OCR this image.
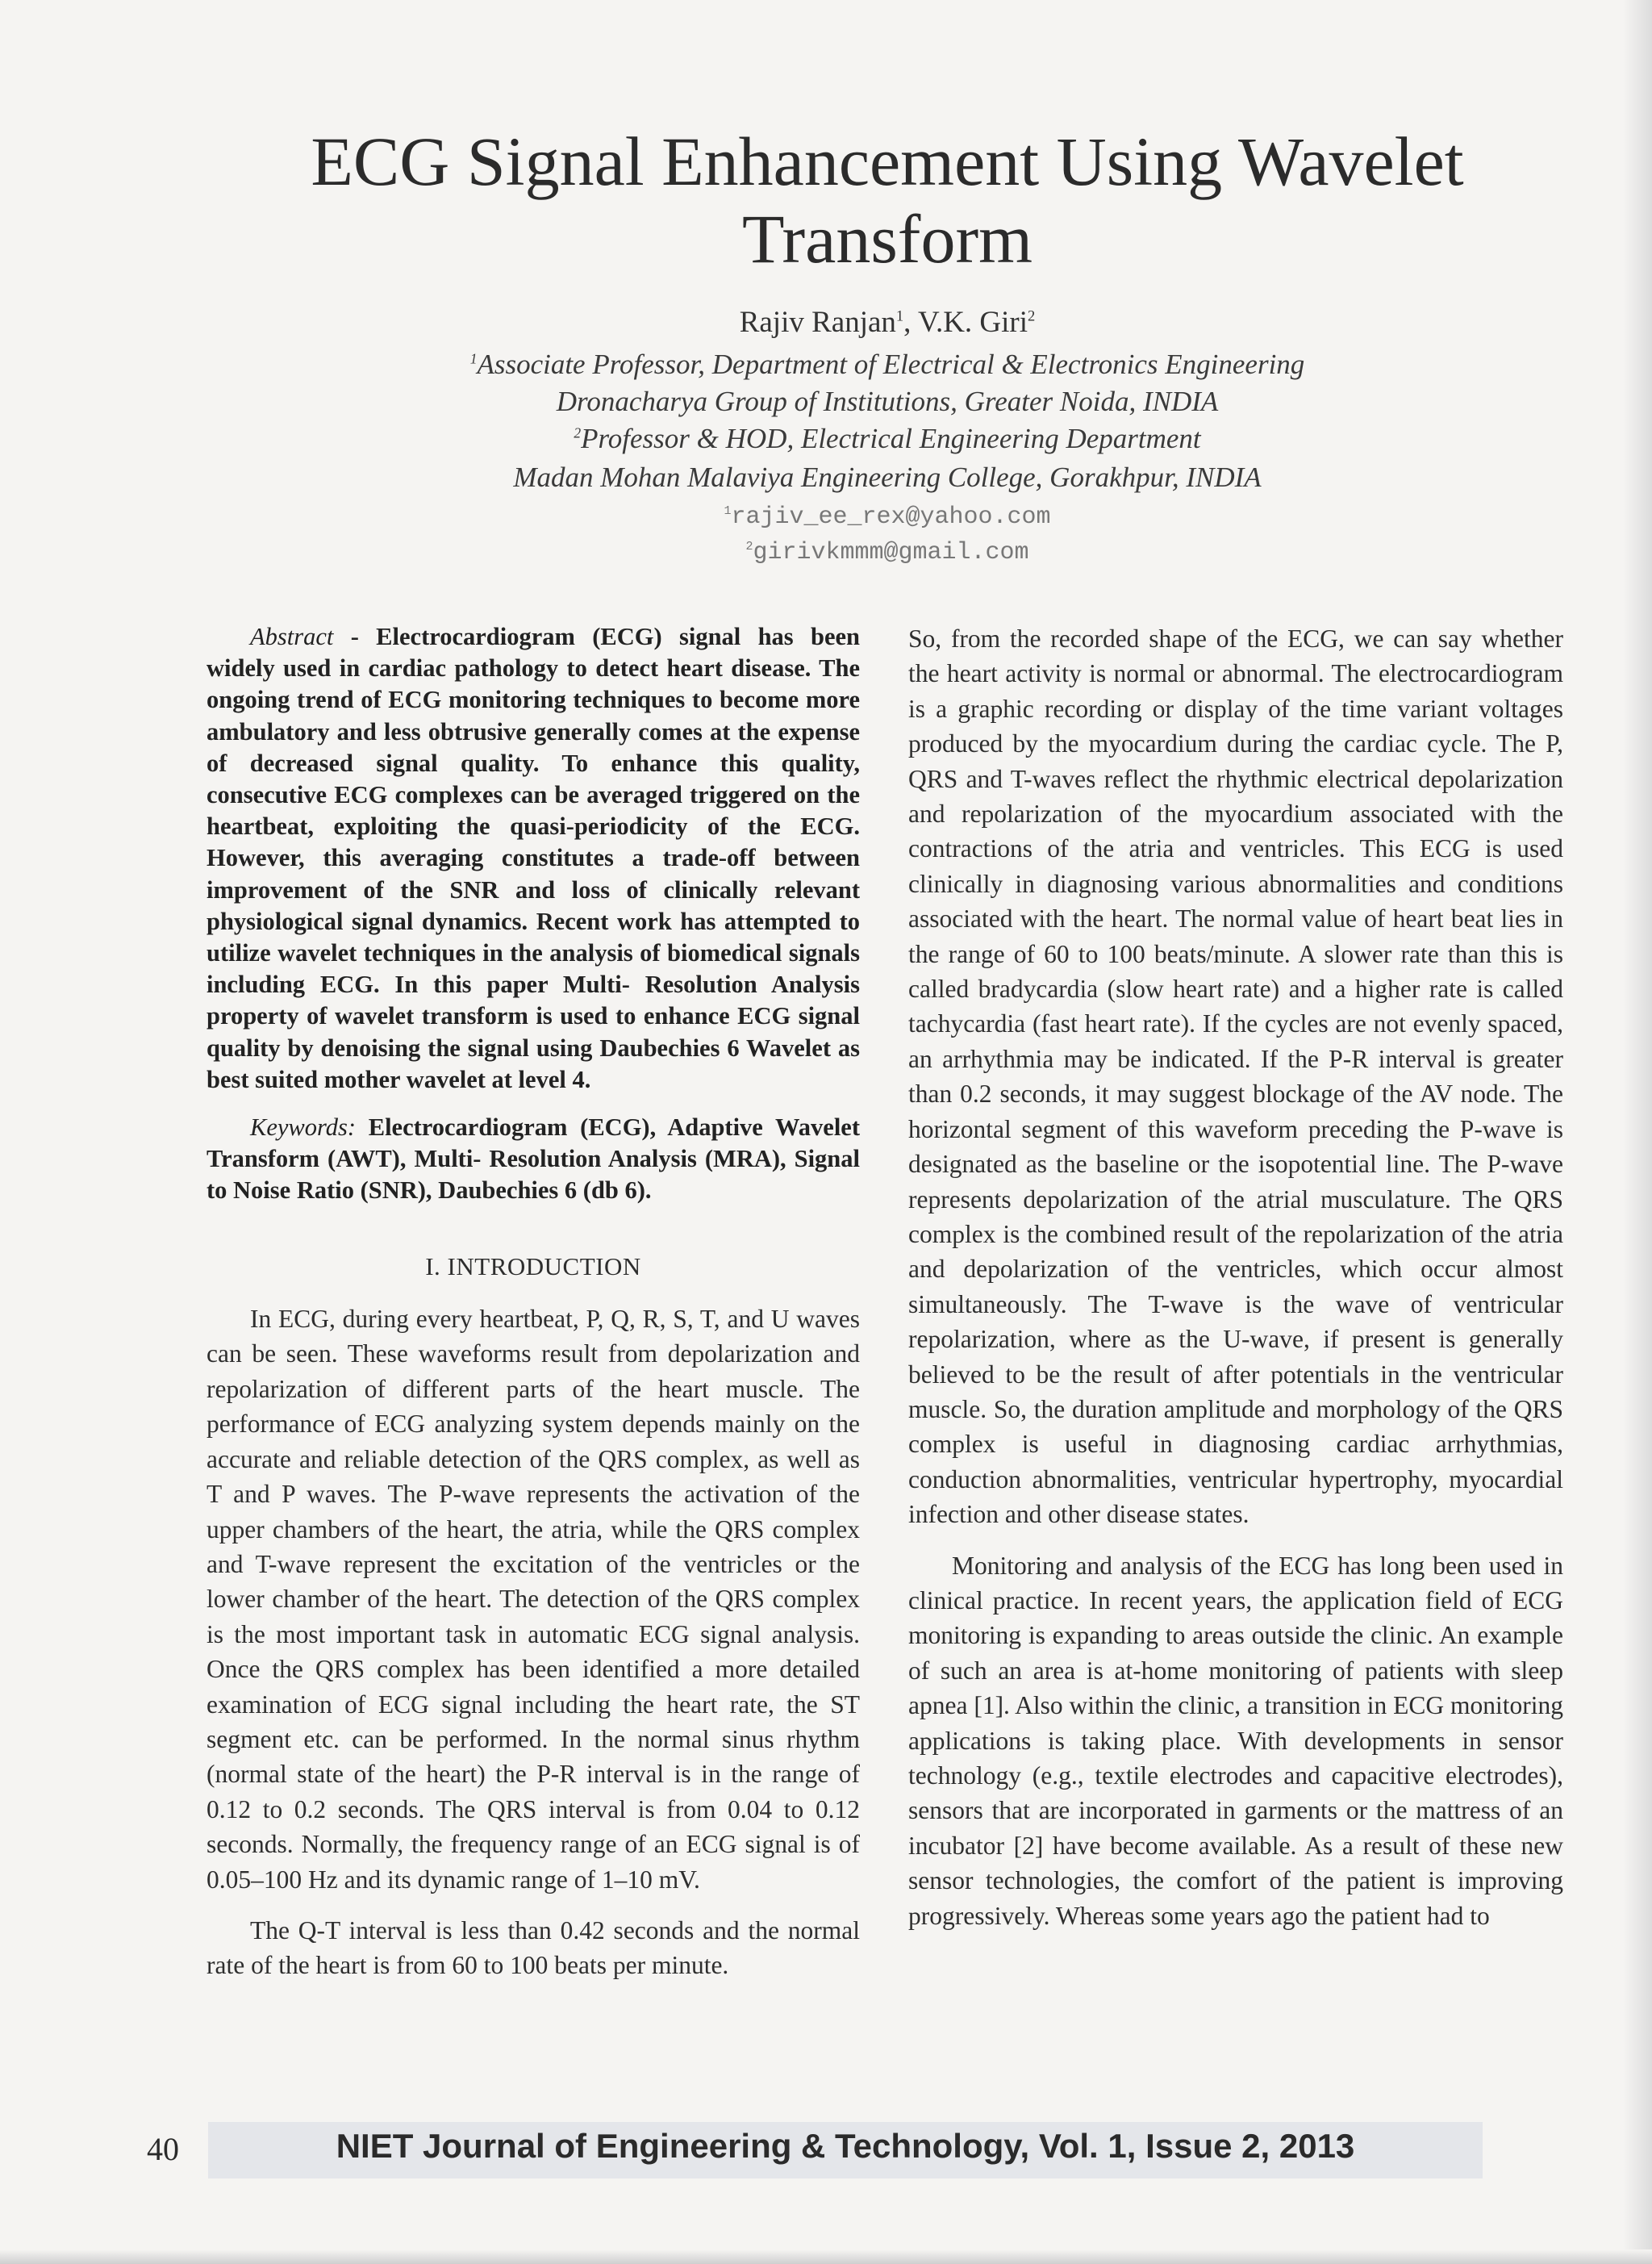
ECG Signal Enhancement Using Wavelet
Transform
Rajiv Ranjan$^1$, V.K. Giri$^2$
$^1$Associate Professor, Department of Electrical & Electronics Engineering
Dronacharya Group of Institutions, Greater Noida, INDIA
$^2$Professor & HOD, Electrical Engineering Department
Madan Mohan Malaviya Engineering College, Gorakhpur, INDIA
$^1$rajiv_ee_rex@yahoo.com
$^2$girivkmmm@gmail.com

Abstract - Electrocardiogram (ECG) signal has been widely used in cardiac pathology to detect heart disease. The ongoing trend of ECG monitoring techniques to become more ambulatory and less obtrusive generally comes at the expense of decreased signal quality. To enhance this quality, consecutive ECG complexes can be averaged triggered on the heartbeat, exploiting the quasi-periodicity of the ECG. However, this averaging constitutes a trade-off between improvement of the SNR and loss of clinically relevant physiological signal dynamics. Recent work has attempted to utilize wavelet techniques in the analysis of biomedical signals including ECG. In this paper Multi- Resolution Analysis property of wavelet transform is used to enhance ECG signal quality by denoising the signal using Daubechies 6 Wavelet as best suited mother wavelet at level 4.

Keywords: Electrocardiogram (ECG), Adaptive Wavelet Transform (AWT), Multi- Resolution Analysis (MRA), Signal to Noise Ratio (SNR), Daubechies 6 (db 6).

I. INTRODUCTION

In ECG, during every heartbeat, P, Q, R, S, T, and U waves can be seen. These waveforms result from depolarization and repolarization of different parts of the heart muscle. The performance of ECG analyzing system depends mainly on the accurate and reliable detection of the QRS complex, as well as T and P waves. The P-wave represents the activation of the upper chambers of the heart, the atria, while the QRS complex and T-wave represent the excitation of the ventricles or the lower chamber of the heart. The detection of the QRS complex is the most important task in automatic ECG signal analysis. Once the QRS complex has been identified a more detailed examination of ECG signal including the heart rate, the ST segment etc. can be performed. In the normal sinus rhythm (normal state of the heart) the P-R interval is in the range of 0.12 to 0.2 seconds. The QRS interval is from 0.04 to 0.12 seconds. Normally, the frequency range of an ECG signal is of 0.05–100 Hz and its dynamic range of 1–10 mV.

The Q-T interval is less than 0.42 seconds and the normal rate of the heart is from 60 to 100 beats per minute.

So, from the recorded shape of the ECG, we can say whether the heart activity is normal or abnormal. The electrocardiogram is a graphic recording or display of the time variant voltages produced by the myocardium during the cardiac cycle. The P, QRS and T-waves reflect the rhythmic electrical depolarization and repolarization of the myocardium associated with the contractions of the atria and ventricles. This ECG is used clinically in diagnosing various abnormalities and conditions associated with the heart. The normal value of heart beat lies in the range of 60 to 100 beats/minute. A slower rate than this is called bradycardia (slow heart rate) and a higher rate is called tachycardia (fast heart rate). If the cycles are not evenly spaced, an arrhythmia may be indicated. If the P-R interval is greater than 0.2 seconds, it may suggest blockage of the AV node. The horizontal segment of this waveform preceding the P-wave is designated as the baseline or the isopotential line. The P-wave represents depolarization of the atrial musculature. The QRS complex is the combined result of the repolarization of the atria and depolarization of the ventricles, which occur almost simultaneously. The T-wave is the wave of ventricular repolarization, where as the U-wave, if present is generally believed to be the result of after potentials in the ventricular muscle. So, the duration amplitude and morphology of the QRS complex is useful in diagnosing cardiac arrhythmias, conduction abnormalities, ventricular hypertrophy, myocardial infection and other disease states.

Monitoring and analysis of the ECG has long been used in clinical practice. In recent years, the application field of ECG monitoring is expanding to areas outside the clinic. An example of such an area is at-home monitoring of patients with sleep apnea [1]. Also within the clinic, a transition in ECG monitoring applications is taking place. With developments in sensor technology (e.g., textile electrodes and capacitive electrodes), sensors that are incorporated in garments or the mattress of an incubator [2] have become available. As a result of these new sensor technologies, the comfort of the patient is improving progressively. Whereas some years ago the patient had to

40	NIET Journal of Engineering & Technology, Vol. 1, Issue 2, 2013
